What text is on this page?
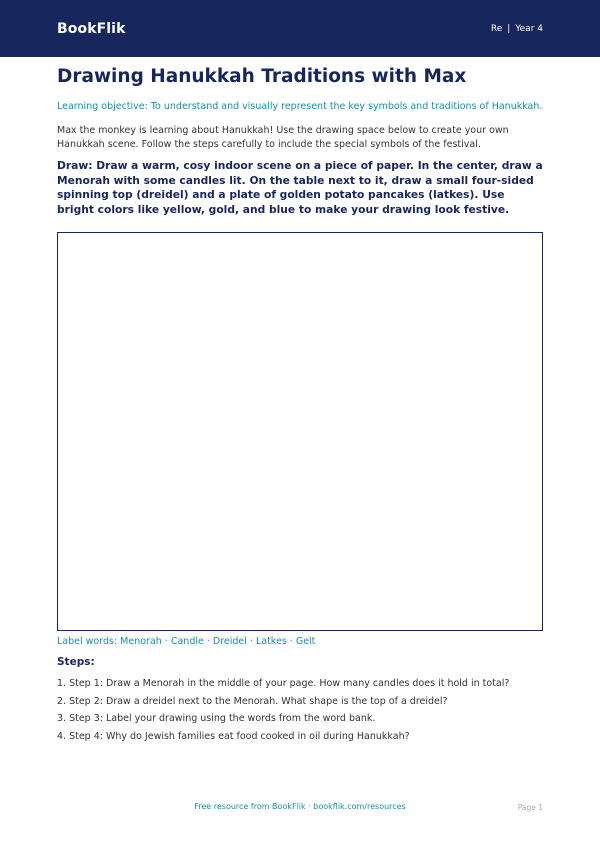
BookFlik	Re | Year 4
Drawing Hanukkah Traditions with Max

Learning objective: To understand and visually represent the key symbols and traditions of Hanukkah.

Max the monkey is learning about Hanukkah! Use the drawing space below to create your own Hanukkah scene. Follow the steps carefully to include the special symbols of the festival.

Draw: Draw a warm, cosy indoor scene on a piece of paper. In the center, draw a Menorah with some candles lit. On the table next to it, draw a small four-sided spinning top (dreidel) and a plate of golden potato pancakes (latkes). Use bright colors like yellow, gold, and blue to make your drawing look festive.

Label words: Menorah · Candle · Dreidel · Latkes · Gelt

Steps:
1. Step 1: Draw a Menorah in the middle of your page. How many candles does it hold in total?
2. Step 2: Draw a dreidel next to the Menorah. What shape is the top of a dreidel?
3. Step 3: Label your drawing using the words from the word bank.
4. Step 4: Why do Jewish families eat food cooked in oil during Hanukkah?
Free resource from BookFlik · bookflik.com/resources	Page 1
